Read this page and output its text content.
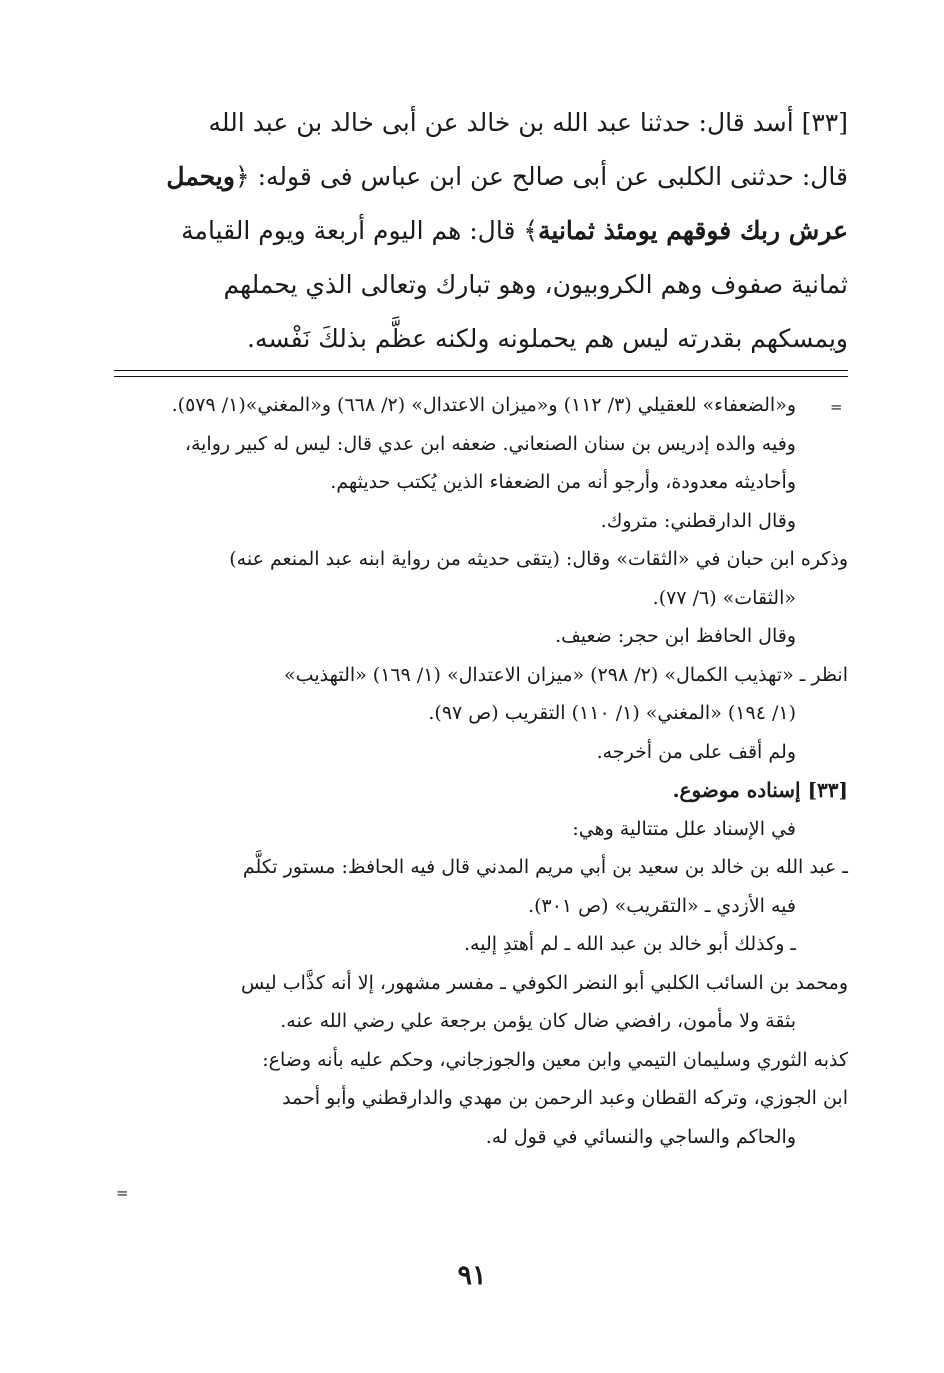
[٣٣] أسد قال: حدثنا عبد الله بن خالد عن أبى خالد بن عبد الله

قال: حدثنى الكلبى عن أبى صالح عن ابن عباس فى قوله: ﴿ويحمل

عرش ربك فوقهم يومئذ ثمانية﴾ قال: هم اليوم أربعة ويوم القيامة

ثمانية صفوف وهم الكروبيون، وهو تبارك وتعالى الذي يحملهم

ويمسكهم بقدرته ليس هم يحملونه ولكنه عظَّم بذلكَ نَفْسه.

=

و«الضعفاء» للعقيلي (٣/ ١١٢) و«ميزان الاعتدال» (٢/ ٦٦٨) و«المغني»(١/ ٥٧٩).

وفيه والده إدريس بن سنان الصنعاني. ضعفه ابن عدي قال: ليس له كبير رواية،

وأحاديثه معدودة، وأرجو أنه من الضعفاء الذين يُكتب حديثهم.

وقال الدارقطني: متروك.

وذكره ابن حبان في «الثقات» وقال: (يتقى حديثه من رواية ابنه عبد المنعم عنه)

«الثقات» (٦/ ٧٧).

وقال الحافظ ابن حجر: ضعيف.

انظر ـ «تهذيب الكمال» (٢/ ٢٩٨) «ميزان الاعتدال» (١/ ١٦٩) «التهذيب»

(١/ ١٩٤) «المغني» (١/ ١١٠) التقريب (ص ٩٧).

ولم أقف على من أخرجه.

[٣٣] إسناده موضوع.

في الإسناد علل متتالية وهي:

ـ عبد الله بن خالد بن سعيد بن أبي مريم المدني قال فيه الحافظ: مستور تكلَّم

فيه الأزدي ـ «التقريب» (ص ٣٠١).

ـ وكذلك أبو خالد بن عبد الله ـ لم أهتدِ إليه.

ومحمد بن السائب الكلبي أبو النضر الكوفي ـ مفسر مشهور، إلا أنه كذَّاب ليس

بثقة ولا مأمون، رافضي ضال كان يؤمن برجعة علي رضي الله عنه.

كذبه الثوري وسليمان التيمي وابن معين والجوزجاني، وحكم عليه بأنه وضاع:

ابن الجوزي، وتركه القطان وعبد الرحمن بن مهدي والدارقطني وأبو أحمد

والحاكم والساجي والنسائي في قول له.

=
٩١
